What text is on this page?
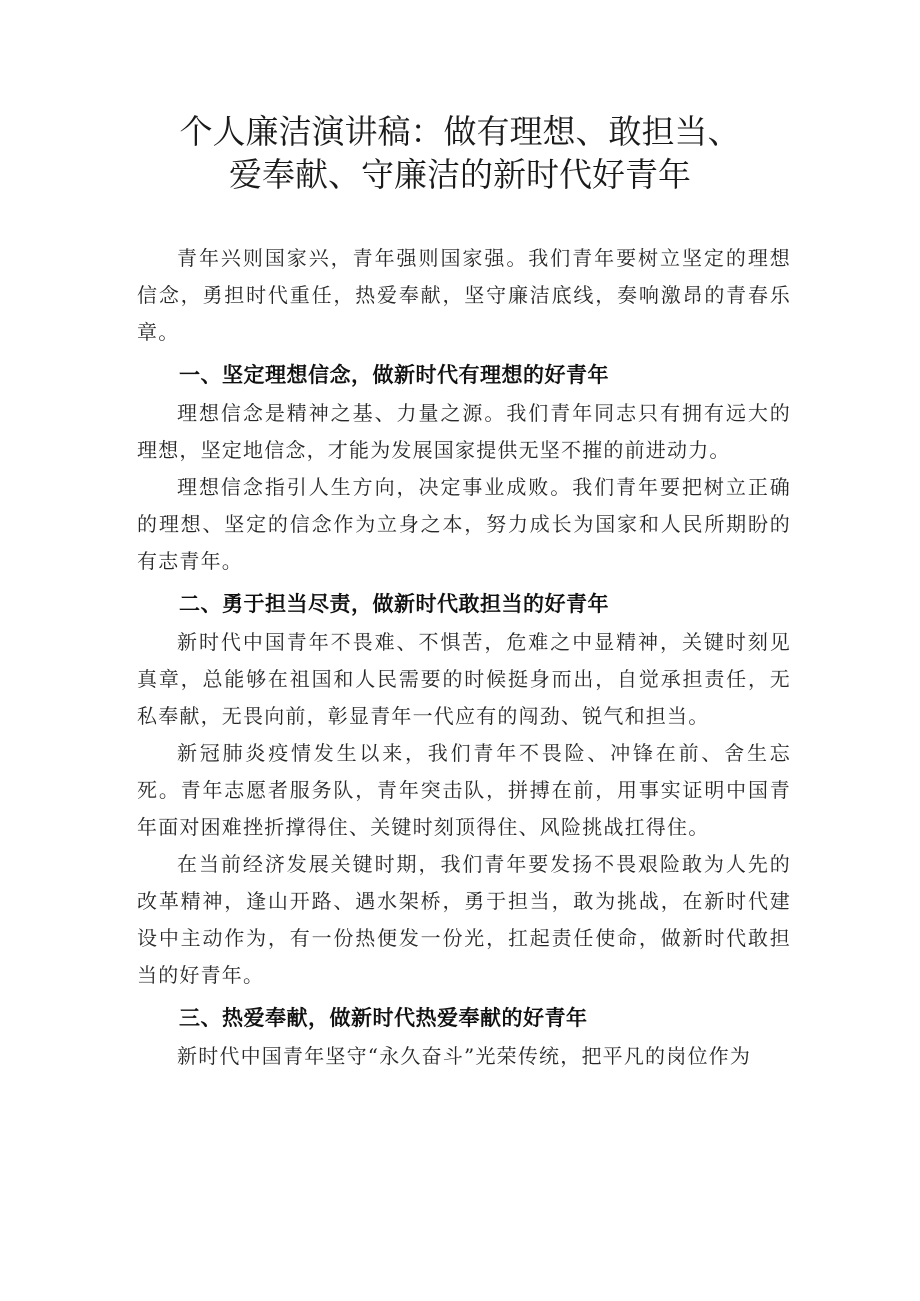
个人廉洁演讲稿：做有理想、敢担当、
爱奉献、守廉洁的新时代好青年

青年兴则国家兴，青年强则国家强。我们青年要树立坚定的理想信念，勇担时代重任，热爱奉献，坚守廉洁底线，奏响激昂的青春乐章。

一、坚定理想信念，做新时代有理想的好青年

理想信念是精神之基、力量之源。我们青年同志只有拥有远大的理想，坚定地信念，才能为发展国家提供无坚不摧的前进动力。

理想信念指引人生方向，决定事业成败。我们青年要把树立正确的理想、坚定的信念作为立身之本，努力成长为国家和人民所期盼的有志青年。

二、勇于担当尽责，做新时代敢担当的好青年

新时代中国青年不畏难、不惧苦，危难之中显精神，关键时刻见真章，总能够在祖国和人民需要的时候挺身而出，自觉承担责任，无私奉献，无畏向前，彰显青年一代应有的闯劲、锐气和担当。

新冠肺炎疫情发生以来，我们青年不畏险、冲锋在前、舍生忘死。青年志愿者服务队，青年突击队，拼搏在前，用事实证明中国青年面对困难挫折撑得住、关键时刻顶得住、风险挑战扛得住。

在当前经济发展关键时期，我们青年要发扬不畏艰险敢为人先的改革精神，逢山开路、遇水架桥，勇于担当，敢为挑战，在新时代建设中主动作为，有一份热便发一份光，扛起责任使命，做新时代敢担当的好青年。

三、热爱奉献，做新时代热爱奉献的好青年

新时代中国青年坚守“永久奋斗”光荣传统，把平凡的岗位作为
